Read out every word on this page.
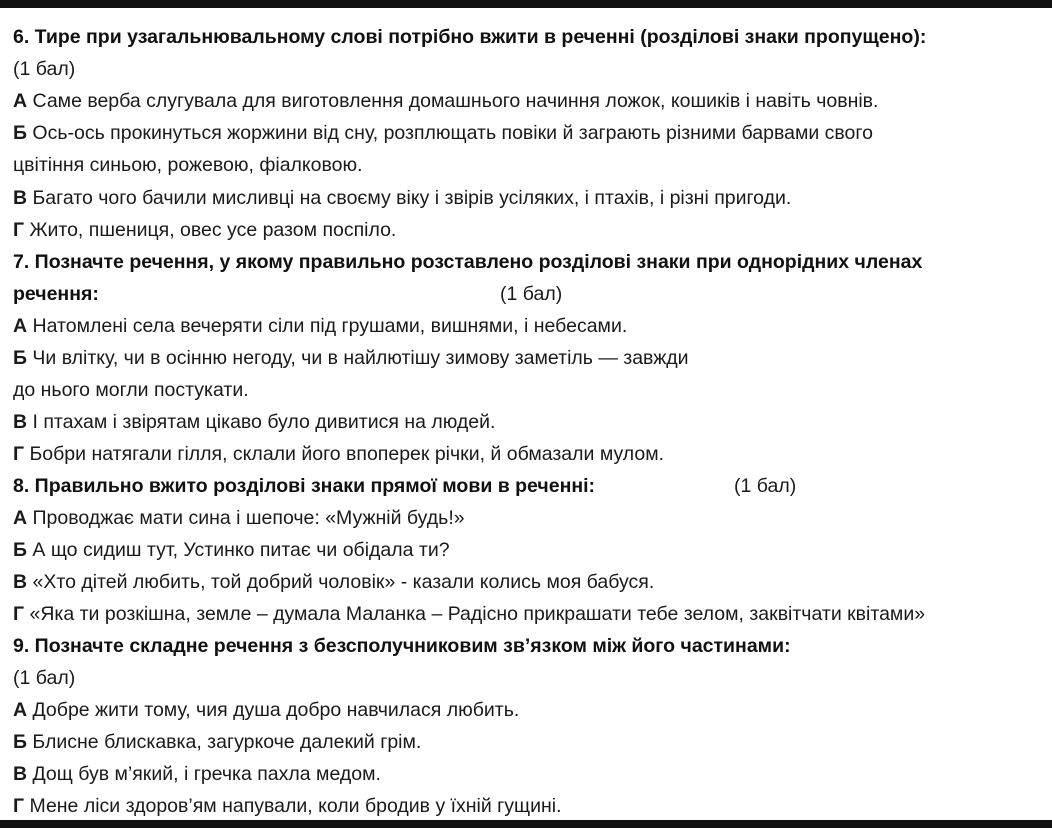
6. Тире при узагальнювальному слові потрібно вжити в реченні (розділові знаки пропущено):
(1 бал)
А Саме верба слугувала для виготовлення домашнього начиння ложок, кошиків і навіть човнів.
Б Ось-ось прокинуться жоржини від сну, розплющать повіки й заграють різними барвами свого
цвітіння синьою, рожевою, фіалковою.
В Багато чого бачили мисливці на своєму віку і звірів усіляких, і птахів, і різні пригоди.
Г Жито, пшениця, овес усе разом поспіло.
7. Позначте речення, у якому правильно розставлено розділові знаки при однорідних членах
речення:	(1 бал)
А Натомлені села вечеряти сіли під грушами, вишнями, і небесами.
Б Чи влітку, чи в осінню негоду, чи в найлютішу зимову заметіль — завжди
до нього могли постукати.
В І птахам і звірятам цікаво було дивитися на людей.
Г Бобри натягали гілля, склали його впоперек річки, й обмазали мулом.
8. Правильно вжито розділові знаки прямої мови в реченні:	(1 бал)
А Проводжає мати сина і шепоче: «Мужній будь!»
Б А що сидиш тут, Устинко питає чи обідала ти?
В «Хто дітей любить, той добрий чоловік» - казали колись моя бабуся.
Г «Яка ти розкішна, земле – думала Маланка – Радісно прикрашати тебе зелом, заквітчати квітами»
9. Позначте складне речення з безсполучниковим зв’язком між його частинами:
(1 бал)
А Добре жити тому, чия душа добро навчилася любить.
Б Блисне блискавка, загуркоче далекий грім.
В Дощ був м’який, і гречка пахла медом.
Г Мене ліси здоров’ям напували, коли бродив у їхній гущині.
